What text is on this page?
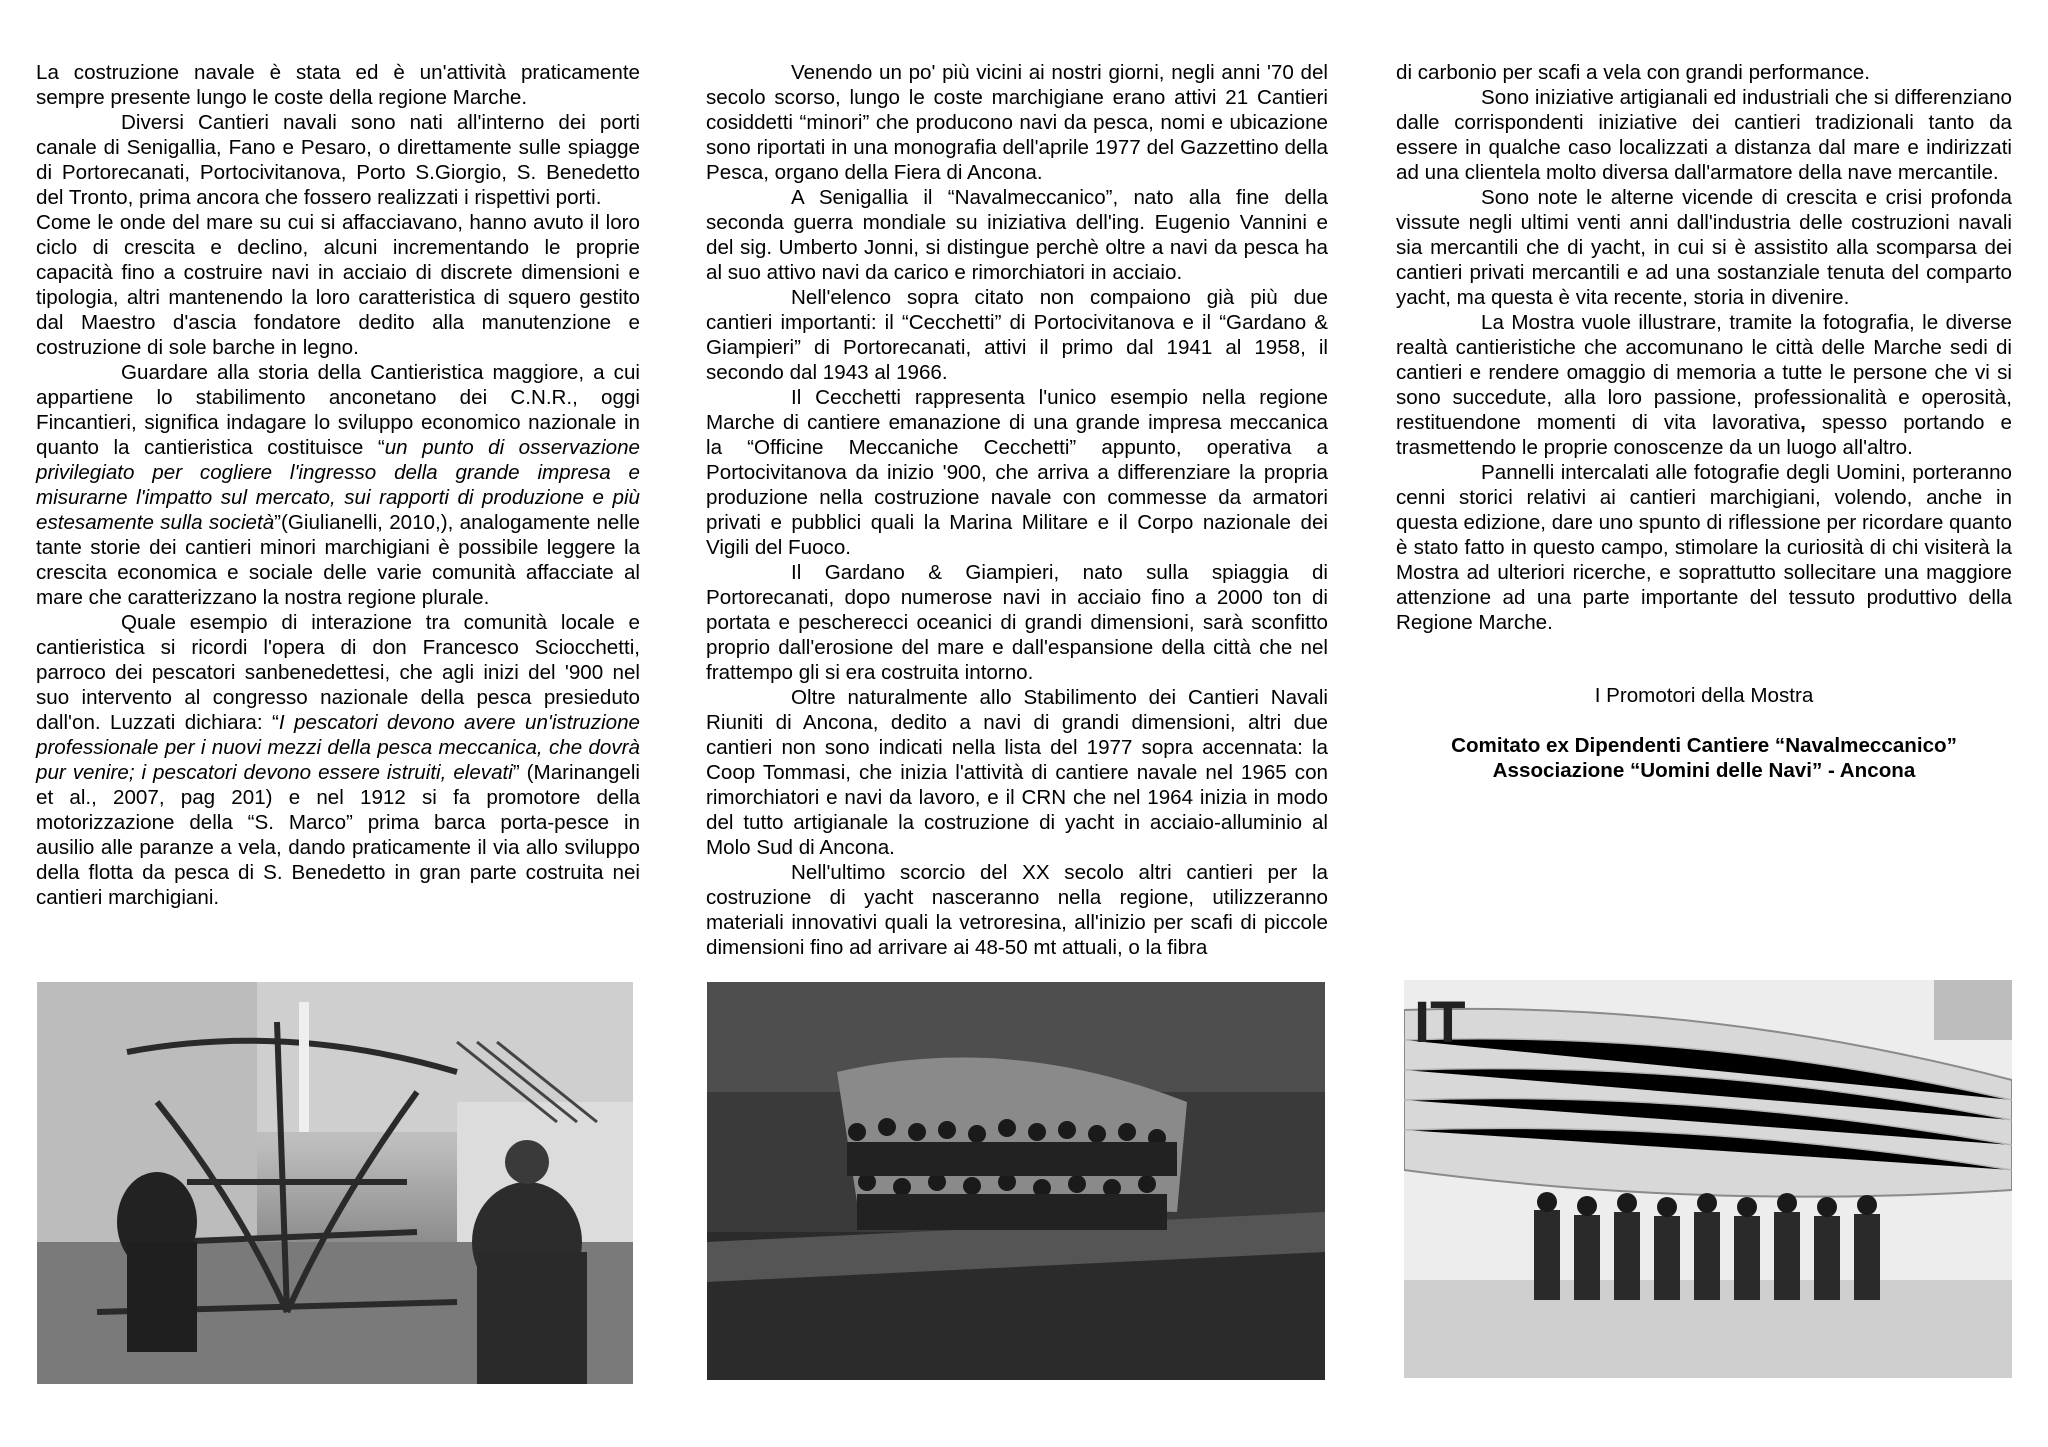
La costruzione navale è stata ed è un'attività praticamente sempre presente lungo le coste della regione Marche.

Diversi Cantieri navali sono nati all'interno dei porti canale di Senigallia, Fano e Pesaro, o direttamente sulle spiagge di Portorecanati, Portocivitanova, Porto S.Giorgio, S. Benedetto del Tronto, prima ancora che fossero realizzati i rispettivi porti.

Come le onde del mare su cui si affacciavano, hanno avuto il loro ciclo di crescita e declino, alcuni incrementando le proprie capacità fino a costruire navi in acciaio di discrete dimensioni e tipologia, altri mantenendo la loro caratteristica di squero gestito dal Maestro d'ascia fondatore dedito alla manutenzione e costruzione di sole barche in legno.

Guardare alla storia della Cantieristica maggiore, a cui appartiene lo stabilimento anconetano dei C.N.R., oggi Fincantieri, significa indagare lo sviluppo economico nazionale in quanto la cantieristica costituisce “un punto di osservazione privilegiato per cogliere l'ingresso della grande impresa e misurarne l'impatto sul mercato, sui rapporti di produzione e più estesamente sulla società”(Giulianelli, 2010,), analogamente nelle tante storie dei cantieri minori marchigiani è possibile leggere la crescita economica e sociale delle varie comunità affacciate al mare che caratterizzano la nostra regione plurale.

Quale esempio di interazione tra comunità locale e cantieristica si ricordi l'opera di don Francesco Sciocchetti, parroco dei pescatori sanbenedettesi, che agli inizi del '900 nel suo intervento al congresso nazionale della pesca presieduto dall'on. Luzzati dichiara: “I pescatori devono avere un'istruzione professionale per i nuovi mezzi della pesca meccanica, che dovrà pur venire; i pescatori devono essere istruiti, elevati” (Marinangeli et al., 2007, pag 201) e nel 1912 si fa promotore della motorizzazione della “S. Marco” prima barca porta-pesce in ausilio alle paranze a vela, dando praticamente il via allo sviluppo della flotta da pesca di S. Benedetto in gran parte costruita nei cantieri marchigiani.

Venendo un po' più vicini ai nostri giorni, negli anni '70 del secolo scorso, lungo le coste marchigiane erano attivi 21 Cantieri cosiddetti “minori” che producono navi da pesca, nomi e ubicazione sono riportati in una monografia dell'aprile 1977 del Gazzettino della Pesca, organo della Fiera di Ancona.

A Senigallia il “Navalmeccanico”, nato alla fine della seconda guerra mondiale su iniziativa dell'ing. Eugenio Vannini e del sig. Umberto Jonni, si distingue perchè oltre a navi da pesca ha al suo attivo navi da carico e rimorchiatori in acciaio.

Nell'elenco sopra citato non compaiono già più due cantieri importanti: il “Cecchetti” di Portocivitanova e il “Gardano & Giampieri” di Portorecanati, attivi il primo dal 1941 al 1958, il secondo dal 1943 al 1966.

Il Cecchetti rappresenta l'unico esempio nella regione Marche di cantiere emanazione di una grande impresa meccanica la “Officine Meccaniche Cecchetti” appunto, operativa a Portocivitanova da inizio '900, che arriva a differenziare la propria produzione nella costruzione navale con commesse da armatori privati e pubblici quali la Marina Militare e il Corpo nazionale dei Vigili del Fuoco.

Il Gardano & Giampieri, nato sulla spiaggia di Portorecanati, dopo numerose navi in acciaio fino a 2000 ton di portata e pescherecci oceanici di grandi dimensioni, sarà sconfitto proprio dall'erosione del mare e dall'espansione della città che nel frattempo gli si era costruita intorno.

Oltre naturalmente allo Stabilimento dei Cantieri Navali Riuniti di Ancona, dedito a navi di grandi dimensioni, altri due cantieri non sono indicati nella lista del 1977 sopra accennata: la Coop Tommasi, che inizia l'attività di cantiere navale nel 1965 con rimorchiatori e navi da lavoro, e il CRN che nel 1964 inizia in modo del tutto artigianale la costruzione di yacht in acciaio-alluminio al Molo Sud di Ancona.

Nell'ultimo scorcio del XX secolo altri cantieri per la costruzione di yacht nasceranno nella regione, utilizzeranno materiali innovativi quali la vetroresina, all'inizio per scafi di piccole dimensioni fino ad arrivare ai 48-50 mt attuali, o la fibra

di carbonio per scafi a vela con grandi performance.

Sono iniziative artigianali ed industriali che si differenziano dalle corrispondenti iniziative dei cantieri tradizionali tanto da essere in qualche caso localizzati a distanza dal mare e indirizzati ad una clientela molto diversa dall'armatore della nave mercantile.

Sono note le alterne vicende di crescita e crisi profonda vissute negli ultimi venti anni dall'industria delle costruzioni navali sia mercantili che di yacht, in cui si è assistito alla scomparsa dei cantieri privati mercantili e ad una sostanziale tenuta del comparto yacht, ma questa è vita recente, storia in divenire.

La Mostra vuole illustrare, tramite la fotografia, le diverse realtà cantieristiche che accomunano le città delle Marche sedi di cantieri e rendere omaggio di memoria a tutte le persone che vi si sono succedute, alla loro passione, professionalità e operosità, restituendone momenti di vita lavorativa, spesso portando e trasmettendo le proprie conoscenze da un luogo all'altro.

Pannelli intercalati alle fotografie degli Uomini, porteranno cenni storici relativi ai cantieri marchigiani, volendo, anche in questa edizione, dare uno spunto di riflessione per ricordare quanto è stato fatto in questo campo, stimolare la curiosità di chi visiterà la Mostra ad ulteriori ricerche, e soprattutto sollecitare una maggiore attenzione ad una parte importante del tessuto produttivo della Regione Marche.

I Promotori della Mostra

Comitato ex Dipendenti Cantiere “Navalmeccanico”

Associazione “Uomini delle Navi” - Ancona

IT
